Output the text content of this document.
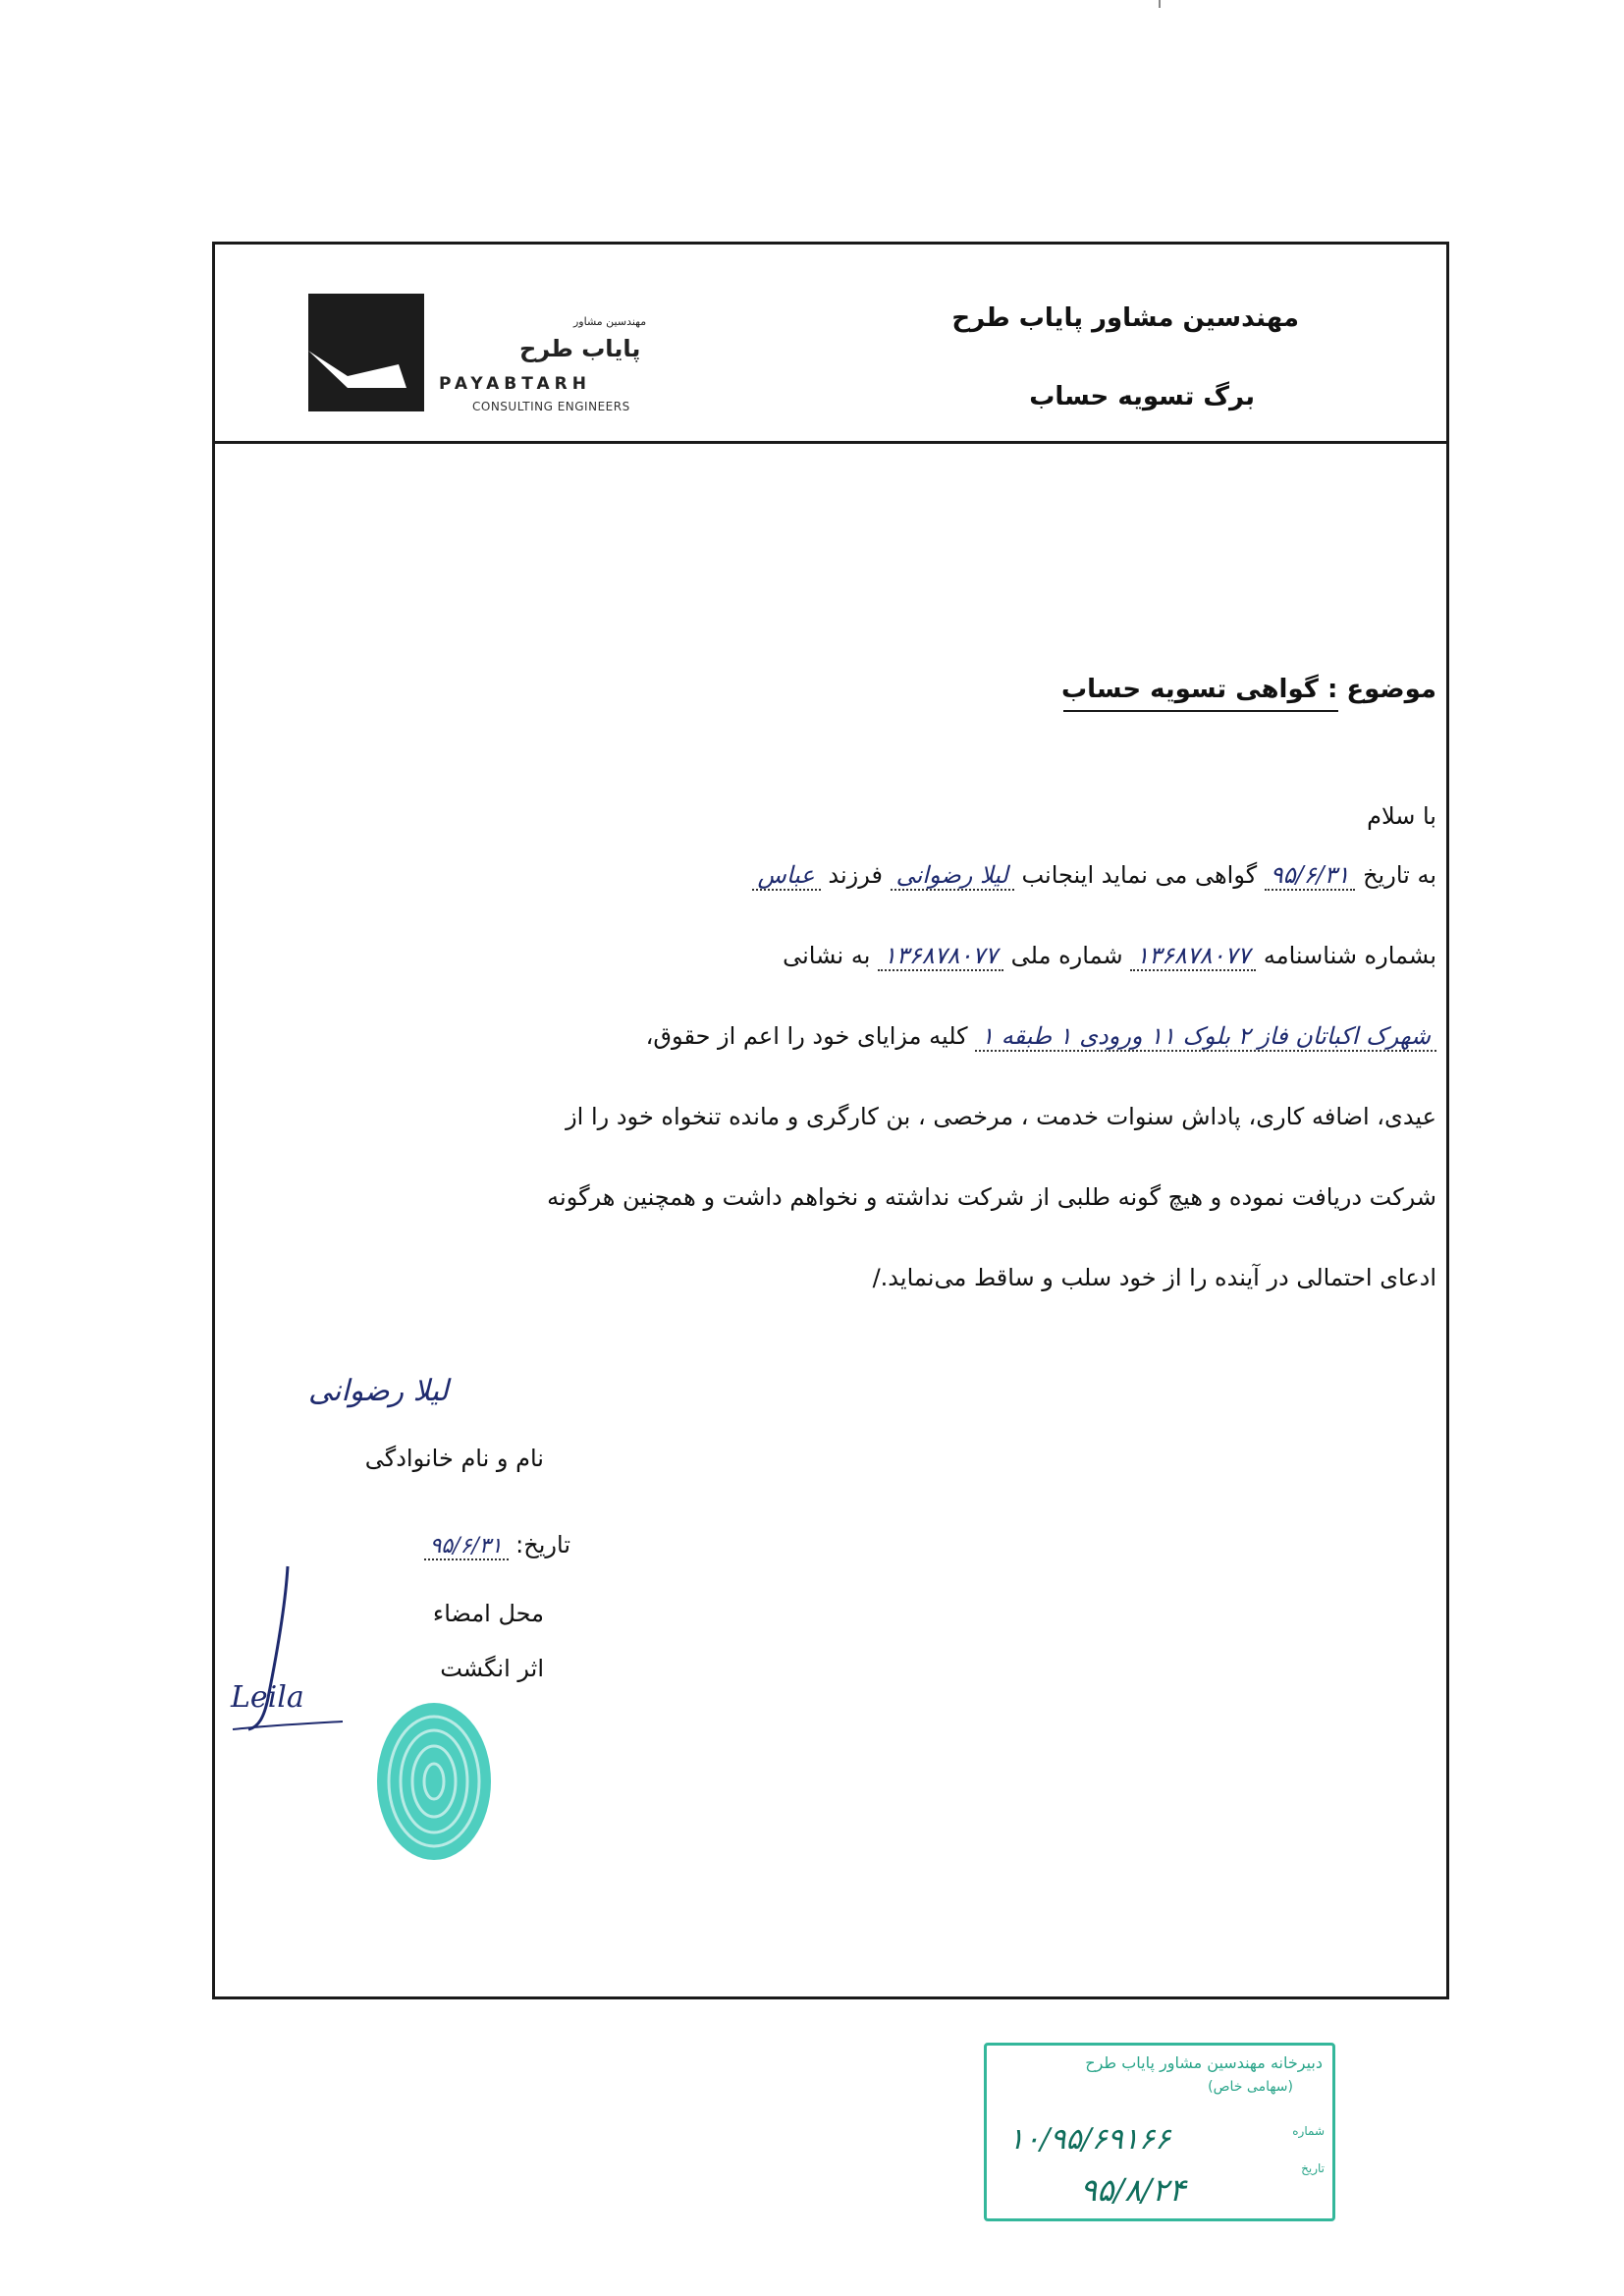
مهندسین مشاور پایاب طرح
برگ تسویه حساب
مهندسین مشاور
پایاب طرح
PAYABTARH
CONSULTING ENGINEERS
موضوع : گواهی تسویه حساب
با سلام
به تاریخ ۹۵/۶/۳۱ گواهی می نماید اینجانب لیلا رضوانی فرزند عباس
بشماره شناسنامه ۱۳۶۸۷۸۰۷۷ شماره ملی ۱۳۶۸۷۸۰۷۷ به نشانی
شهرک اکباتان فاز ۲ بلوک ۱۱ ورودی ۱ طبقه ۱ کلیه مزایای خود را اعم از حقوق،
عیدی، اضافه کاری، پاداش سنوات خدمت ، مرخصی ، بن کارگری و مانده تنخواه خود را از
شرکت دریافت نموده و هیچ گونه طلبی از شرکت نداشته و نخواهم داشت و همچنین هرگونه
ادعای احتمالی در آینده را از خود سلب و ساقط می‌نماید./
لیلا رضوانی
نام و نام خانوادگی
تاریخ: ۹۵/۶/۳۱
محل امضاء
اثر انگشت
Leila
دبیرخانه مهندسین مشاور پایاب طرح
(سهامی خاص)
۱۰/۹۵/۶۹۱۶۶
۹۵/۸/۲۴
شماره
تاریخ
